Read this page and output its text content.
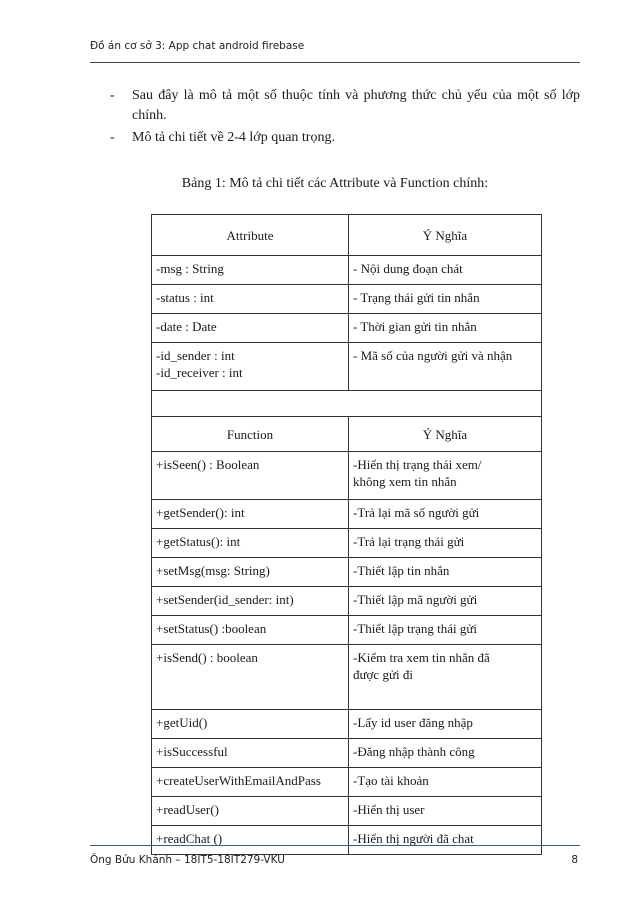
Đồ án cơ sở 3: App chat android firebase
- Sau đây là mô tả một số thuộc tính và phương thức chủ yếu của một số lớp chính.
- Mô tả chi tiết về 2-4 lớp quan trọng.
Bảng 1: Mô tả chi tiết các Attribute và Function chính:
Attribute	Ý Nghĩa
-msg : String	- Nội dung đoạn chát
-status : int	- Trạng thái gửi tin nhắn
-date : Date	- Thời gian gửi tin nhắn

-id_sender : int
-id_receiver : int	- Mã số của người gửi và nhận

Function	Ý Nghĩa
+isSeen() : Boolean	-Hiển thị trạng thái xem/
không xem tin nhắn

+getSender(): int	-Trả lại mã số người gửi
+getStatus(): int	-Trả lại trạng thái gửi
+setMsg(msg: String)	-Thiết lập tin nhắn
+setSender(id_sender: int)	-Thiết lập mã người gửi
+setStatus() :boolean	-Thiết lập trạng thái gửi
+isSend() : boolean	-Kiểm tra xem tin nhắn đã
được gửi đi

+getUid()	-Lấy id user đăng nhập
+isSuccessful	-Đăng nhập thành công
+createUserWithEmailAndPass	-Tạo tài khoản
+readUser()	-Hiển thị user
+readChat ()	-Hiển thị người đã chat
Ông Bửu Khánh – 18IT5-18IT279-VKU	8
